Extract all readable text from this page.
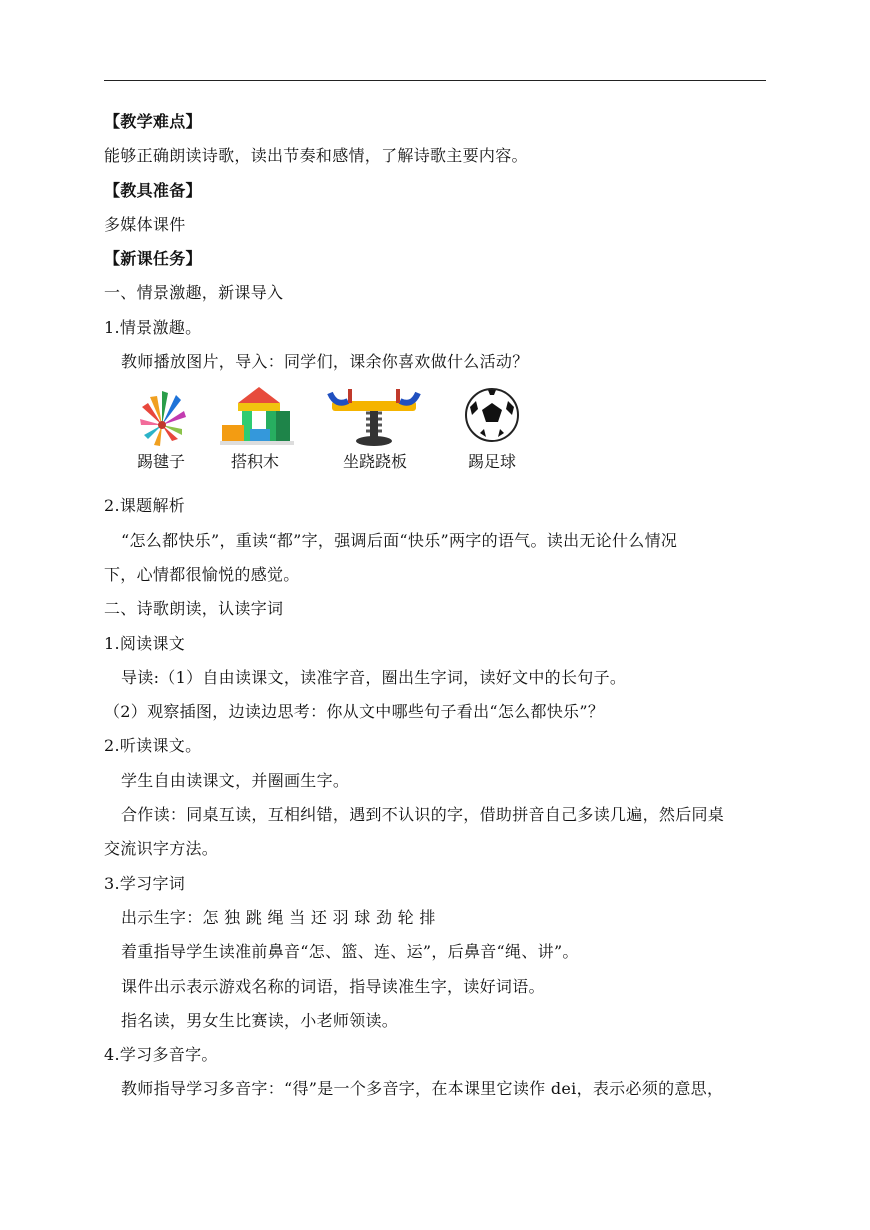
【教学难点】
能够正确朗读诗歌，读出节奏和感情，了解诗歌主要内容。
【教具准备】
多媒体课件
【新课任务】
一、情景激趣，新课导入
1.情景激趣。
教师播放图片，导入：同学们，课余你喜欢做什么活动？
踢毽子	搭积木	坐跷跷板	踢足球
2.课题解析
“怎么都快乐”，重读“都”字，强调后面“快乐”两字的语气。读出无论什么情况
下，心情都很愉悦的感觉。
二、诗歌朗读，认读字词
1.阅读课文
导读:（1）自由读课文，读准字音，圈出生字词，读好文中的长句子。
（2）观察插图，边读边思考：你从文中哪些句子看出“怎么都快乐”？
2.听读课文。
学生自由读课文，并圈画生字。
合作读：同桌互读，互相纠错，遇到不认识的字，借助拼音自己多读几遍，然后同桌
交流识字方法。
3.学习字词
出示生字：怎 独 跳 绳 当 还 羽 球 劲 轮 排
着重指导学生读准前鼻音“怎、篮、连、运”，后鼻音“绳、讲”。
课件出示表示游戏名称的词语，指导读准生字，读好词语。
指名读，男女生比赛读，小老师领读。
4.学习多音字。
教师指导学习多音字：“得”是一个多音字，在本课里它读作 dei，表示必须的意思，
